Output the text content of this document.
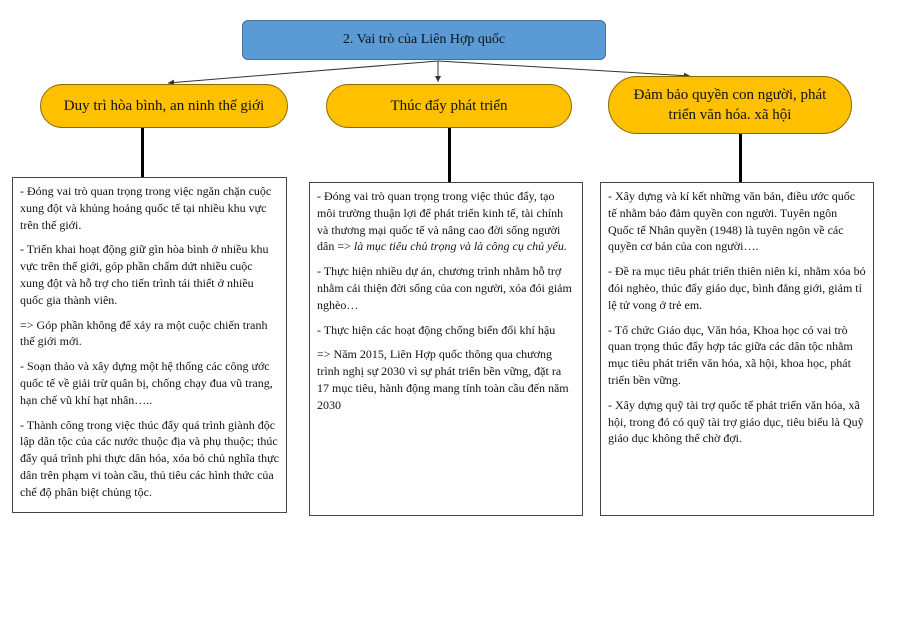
2. Vai trò của Liên Hợp quốc
Duy trì hòa bình, an ninh thế giới	Thúc đẩy phát triển
Đảm bảo quyền con người, phát triển văn hóa. xã hội

- Đóng vai trò quan trọng trong việc ngăn chặn cuộc xung đột và khủng hoảng quốc tế tại nhiều khu vực trên thế giới.

- Triển khai hoạt động giữ gìn hòa bình ở nhiều khu vực trên thế giới, góp phần chấm dứt nhiều cuộc xung đột và hỗ trợ cho tiến trình tái thiết ở nhiều quốc gia thành viên.

=> Góp phần không để xảy ra một cuộc chiến tranh thế giới mới.

- Soạn thảo và xây dựng một hệ thống các công ước quốc tế về giải trừ quân bị, chống chạy đua vũ trang, hạn chế vũ khí hạt nhân…..

- Thành công trong việc thúc đẩy quá trình giành độc lập dân tộc của các nước thuộc địa và phụ thuộc; thúc đẩy quá trình phi thực dân hóa, xóa bỏ chủ nghĩa thực dân trên phạm vi toàn cầu, thủ tiêu các hình thức của chế độ phân biệt chủng tộc.

- Đóng vai trò quan trọng trong việc thúc đẩy, tạo môi trường thuận lợi để phát triển kinh tế, tài chính và thương mại quốc tế và nâng cao đời sống người dân => là mục tiêu chủ trọng và là công cụ chủ yếu.

- Thực hiện nhiều dự án, chương trình nhằm hỗ trợ nhằm cải thiện đời sống của con người, xóa đói giảm nghèo…

- Thực hiện các hoạt động chống biến đổi khí hậu

=> Năm 2015, Liên Hợp quốc thông qua chương trình nghị sự 2030 vì sự phát triển bền vững, đặt ra 17 mục tiêu, hành động mang tính toàn cầu đến năm 2030

- Xây dựng và kí kết những văn bản, điều ước quốc tế nhằm bảo đảm quyền con người. Tuyên ngôn Quốc tế Nhân quyền (1948) là tuyên ngôn về các quyền cơ bản của con người….

- Đề ra mục tiêu phát triển thiên niên kỉ, nhằm xóa bỏ đói nghèo, thúc đẩy giáo dục, bình đẳng giới, giảm tỉ lệ tử vong ở trẻ em.

- Tổ chức Giáo dục, Văn hóa, Khoa học có vai trò quan trọng thúc đẩy hợp tác giữa các dân tộc nhằm mục tiêu phát triển văn hóa, xã hội, khoa học, phát triển bền vững.

- Xây dựng quỹ tài trợ quốc tế phát triển văn hóa, xã hội, trong đó có quỹ tài trợ giáo dục, tiêu biểu là Quỹ giáo dục không thể chờ đợi.
